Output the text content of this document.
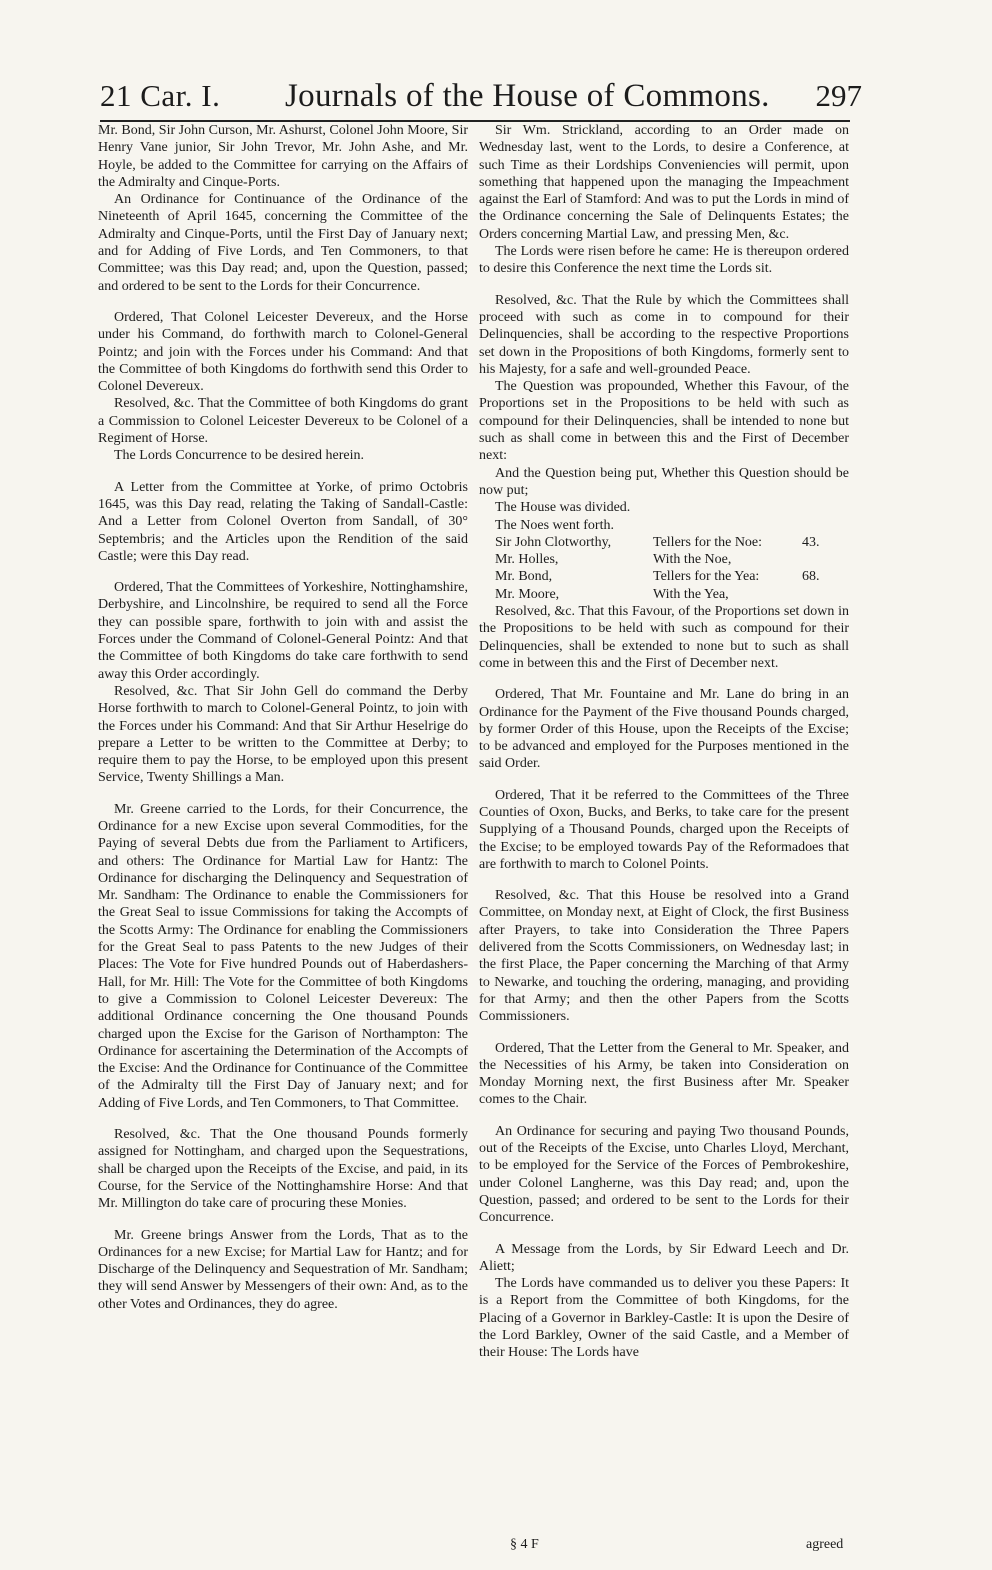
21 Car. I. Journals of the House of Commons. 297

Mr. Bond, Sir John Curson, Mr. Ashurst, Colonel John Moore, Sir Henry Vane junior, Sir John Trevor, Mr. John Ashe, and Mr. Hoyle, be added to the Committee for carrying on the Affairs of the Admiralty and Cinque-Ports.

An Ordinance for Continuance of the Ordinance of the Nineteenth of April 1645, concerning the Committee of the Admiralty and Cinque-Ports, until the First Day of January next; and for Adding of Five Lords, and Ten Commoners, to that Committee; was this Day read; and, upon the Question, passed; and ordered to be sent to the Lords for their Concurrence.

Ordered, That Colonel Leicester Devereux, and the Horse under his Command, do forthwith march to Colonel-General Pointz; and join with the Forces under his Command: And that the Committee of both Kingdoms do forthwith send this Order to Colonel Devereux.

Resolved, &c. That the Committee of both Kingdoms do grant a Commission to Colonel Leicester Devereux to be Colonel of a Regiment of Horse.

The Lords Concurrence to be desired herein.

A Letter from the Committee at Yorke, of primo Octobris 1645, was this Day read, relating the Taking of Sandall-Castle: And a Letter from Colonel Overton from Sandall, of 30° Septembris; and the Articles upon the Rendition of the said Castle; were this Day read.

Ordered, That the Committees of Yorkeshire, Nottinghamshire, Derbyshire, and Lincolnshire, be required to send all the Force they can possible spare, forthwith to join with and assist the Forces under the Command of Colonel-General Pointz: And that the Committee of both Kingdoms do take care forthwith to send away this Order accordingly.

Resolved, &c. That Sir John Gell do command the Derby Horse forthwith to march to Colonel-General Pointz, to join with the Forces under his Command: And that Sir Arthur Heselrige do prepare a Letter to be written to the Committee at Derby; to require them to pay the Horse, to be employed upon this present Service, Twenty Shillings a Man.

Mr. Greene carried to the Lords, for their Concurrence, the Ordinance for a new Excise upon several Commodities, for the Paying of several Debts due from the Parliament to Artificers, and others: The Ordinance for Martial Law for Hantz: The Ordinance for discharging the Delinquency and Sequestration of Mr. Sandham: The Ordinance to enable the Commissioners for the Great Seal to issue Commissions for taking the Accompts of the Scotts Army: The Ordinance for enabling the Commissioners for the Great Seal to pass Patents to the new Judges of their Places: The Vote for Five hundred Pounds out of Haberdashers-Hall, for Mr. Hill: The Vote for the Committee of both Kingdoms to give a Commission to Colonel Leicester Devereux: The additional Ordinance concerning the One thousand Pounds charged upon the Excise for the Garison of Northampton: The Ordinance for ascertaining the Determination of the Accompts of the Excise: And the Ordinance for Continuance of the Committee of the Admiralty till the First Day of January next; and for Adding of Five Lords, and Ten Commoners, to That Committee.

Resolved, &c. That the One thousand Pounds formerly assigned for Nottingham, and charged upon the Sequestrations, shall be charged upon the Receipts of the Excise, and paid, in its Course, for the Service of the Nottinghamshire Horse: And that Mr. Millington do take care of procuring these Monies.

Mr. Greene brings Answer from the Lords, That as to the Ordinances for a new Excise; for Martial Law for Hantz; and for Discharge of the Delinquency and Sequestration of Mr. Sandham; they will send Answer by Messengers of their own: And, as to the other Votes and Ordinances, they do agree.

Sir Wm. Strickland, according to an Order made on Wednesday last, went to the Lords, to desire a Conference, at such Time as their Lordships Conveniencies will permit, upon something that happened upon the managing the Impeachment against the Earl of Stamford: And was to put the Lords in mind of the Ordinance concerning the Sale of Delinquents Estates; the Orders concerning Martial Law, and pressing Men, &c.

The Lords were risen before he came: He is thereupon ordered to desire this Conference the next time the Lords sit.

Resolved, &c. That the Rule by which the Committees shall proceed with such as come in to compound for their Delinquencies, shall be according to the respective Proportions set down in the Propositions of both Kingdoms, formerly sent to his Majesty, for a safe and well-grounded Peace.

The Question was propounded, Whether this Favour, of the Proportions set in the Propositions to be held with such as compound for their Delinquencies, shall be intended to none but such as shall come in between this and the First of December next:

And the Question being put, Whether this Question should be now put;

The House was divided.

The Noes went forth.

Sir John Clotworthy,	Tellers for the Noe:	43.
Mr. Holles,	With the Noe,
Mr. Bond,	Tellers for the Yea:	68.
Mr. Moore,	With the Yea,

Resolved, &c. That this Favour, of the Proportions set down in the Propositions to be held with such as compound for their Delinquencies, shall be extended to none but to such as shall come in between this and the First of December next.

Ordered, That Mr. Fountaine and Mr. Lane do bring in an Ordinance for the Payment of the Five thousand Pounds charged, by former Order of this House, upon the Receipts of the Excise; to be advanced and employed for the Purposes mentioned in the said Order.

Ordered, That it be referred to the Committees of the Three Counties of Oxon, Bucks, and Berks, to take care for the present Supplying of a Thousand Pounds, charged upon the Receipts of the Excise; to be employed towards Pay of the Reformadoes that are forthwith to march to Colonel Points.

Resolved, &c. That this House be resolved into a Grand Committee, on Monday next, at Eight of Clock, the first Business after Prayers, to take into Consideration the Three Papers delivered from the Scotts Commissioners, on Wednesday last; in the first Place, the Paper concerning the Marching of that Army to Newarke, and touching the ordering, managing, and providing for that Army; and then the other Papers from the Scotts Commissioners.

Ordered, That the Letter from the General to Mr. Speaker, and the Necessities of his Army, be taken into Consideration on Monday Morning next, the first Business after Mr. Speaker comes to the Chair.

An Ordinance for securing and paying Two thousand Pounds, out of the Receipts of the Excise, unto Charles Lloyd, Merchant, to be employed for the Service of the Forces of Pembrokeshire, under Colonel Langherne, was this Day read; and, upon the Question, passed; and ordered to be sent to the Lords for their Concurrence.

A Message from the Lords, by Sir Edward Leech and Dr. Aliett;

The Lords have commanded us to deliver you these Papers: It is a Report from the Committee of both Kingdoms, for the Placing of a Governor in Barkley-Castle: It is upon the Desire of the Lord Barkley, Owner of the said Castle, and a Member of their House: The Lords have

§ 4 F	agreed
